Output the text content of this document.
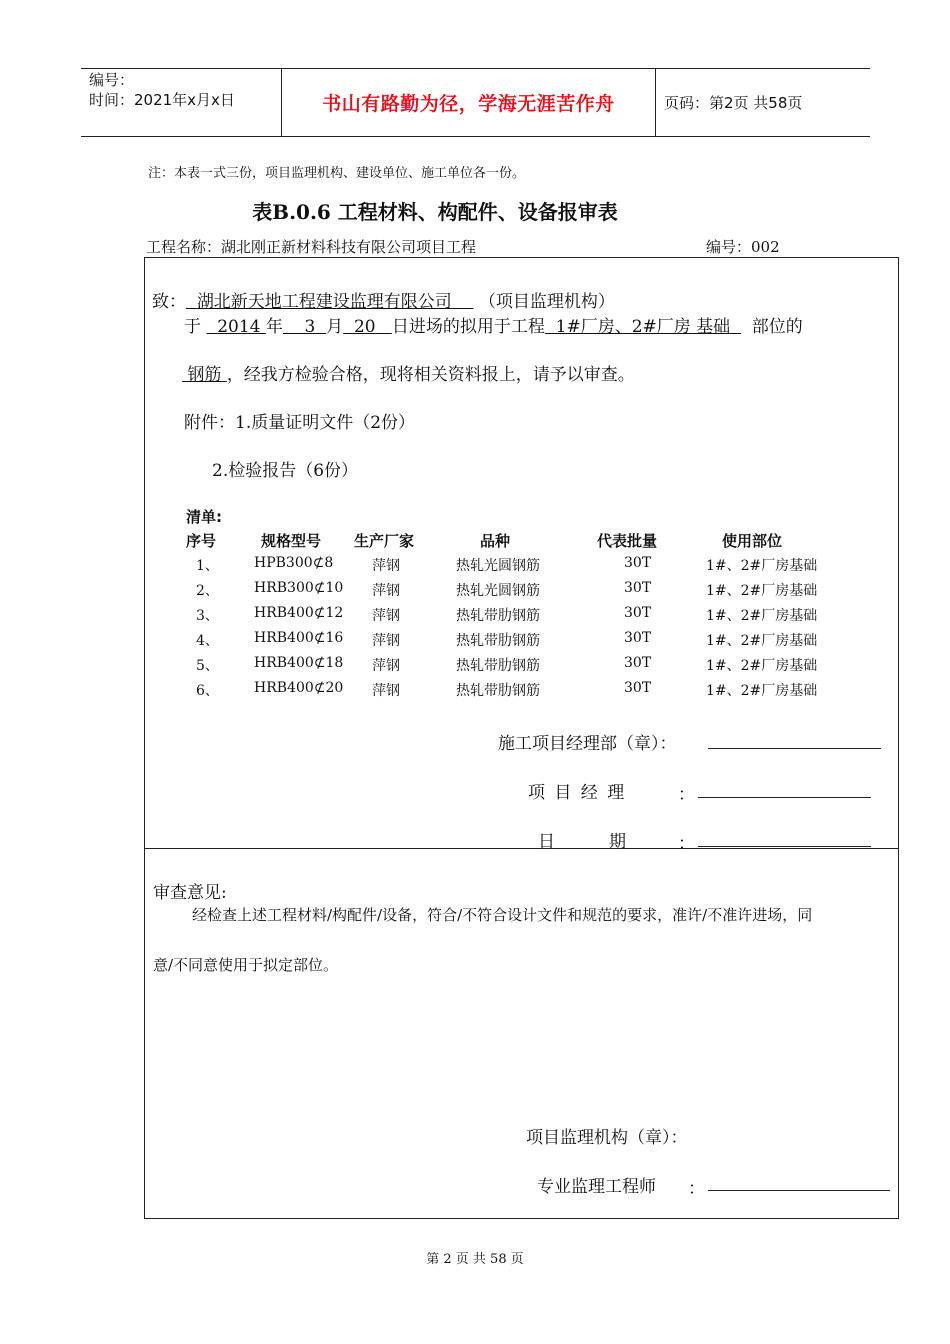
编号：
时间：2021年x月x日	书山有路勤为径，学海无涯苦作舟	页码：第2页 共58页
注：本表一式三份，项目监理机构、建设单位、施工单位各一份。
表B.0.6 工程材料、构配件、设备报审表
工程名称：湖北刚正新材料科技有限公司项目工程	编号：002
致： 湖北新天地工程建设监理有限公司 （项目监理机构）
于 2014 年 3 月 20 日进场的拟用于工程 1#厂房、2#厂房 基础 部位的
钢筋 ，经我方检验合格，现将相关资料报上，请予以审查。
附件：1.质量证明文件（2份）
2.检验报告（6份）
清单:
序号	规格型号 生产厂家	品种	代表批量	使用部位
1、	HPB300⊄8	萍钢	热轧光圆钢筋	30T	1#、2#厂房基础
2、	HRB300⊄10 萍钢	热轧光圆钢筋	30T	1#、2#厂房基础
3、	HRB400⊄12 萍钢	热轧带肋钢筋	30T	1#、2#厂房基础
4、	HRB400⊄16 萍钢	热轧带肋钢筋	30T	1#、2#厂房基础
5、	HRB400⊄18 萍钢	热轧带肋钢筋	30T	1#、2#厂房基础
6、	HRB400⊄20 萍钢	热轧带肋钢筋	30T	1#、2#厂房基础
施工项目经理部（章）：
项 目 经 理	：
日          期	：
审查意见:
经检查上述工程材料/构配件/设备，符合/不符合设计文件和规范的要求，准许/不准许进场，同
意/不同意使用于拟定部位。
项目监理机构（章）：
专业监理工程师 ：
第 2 页 共 58 页
